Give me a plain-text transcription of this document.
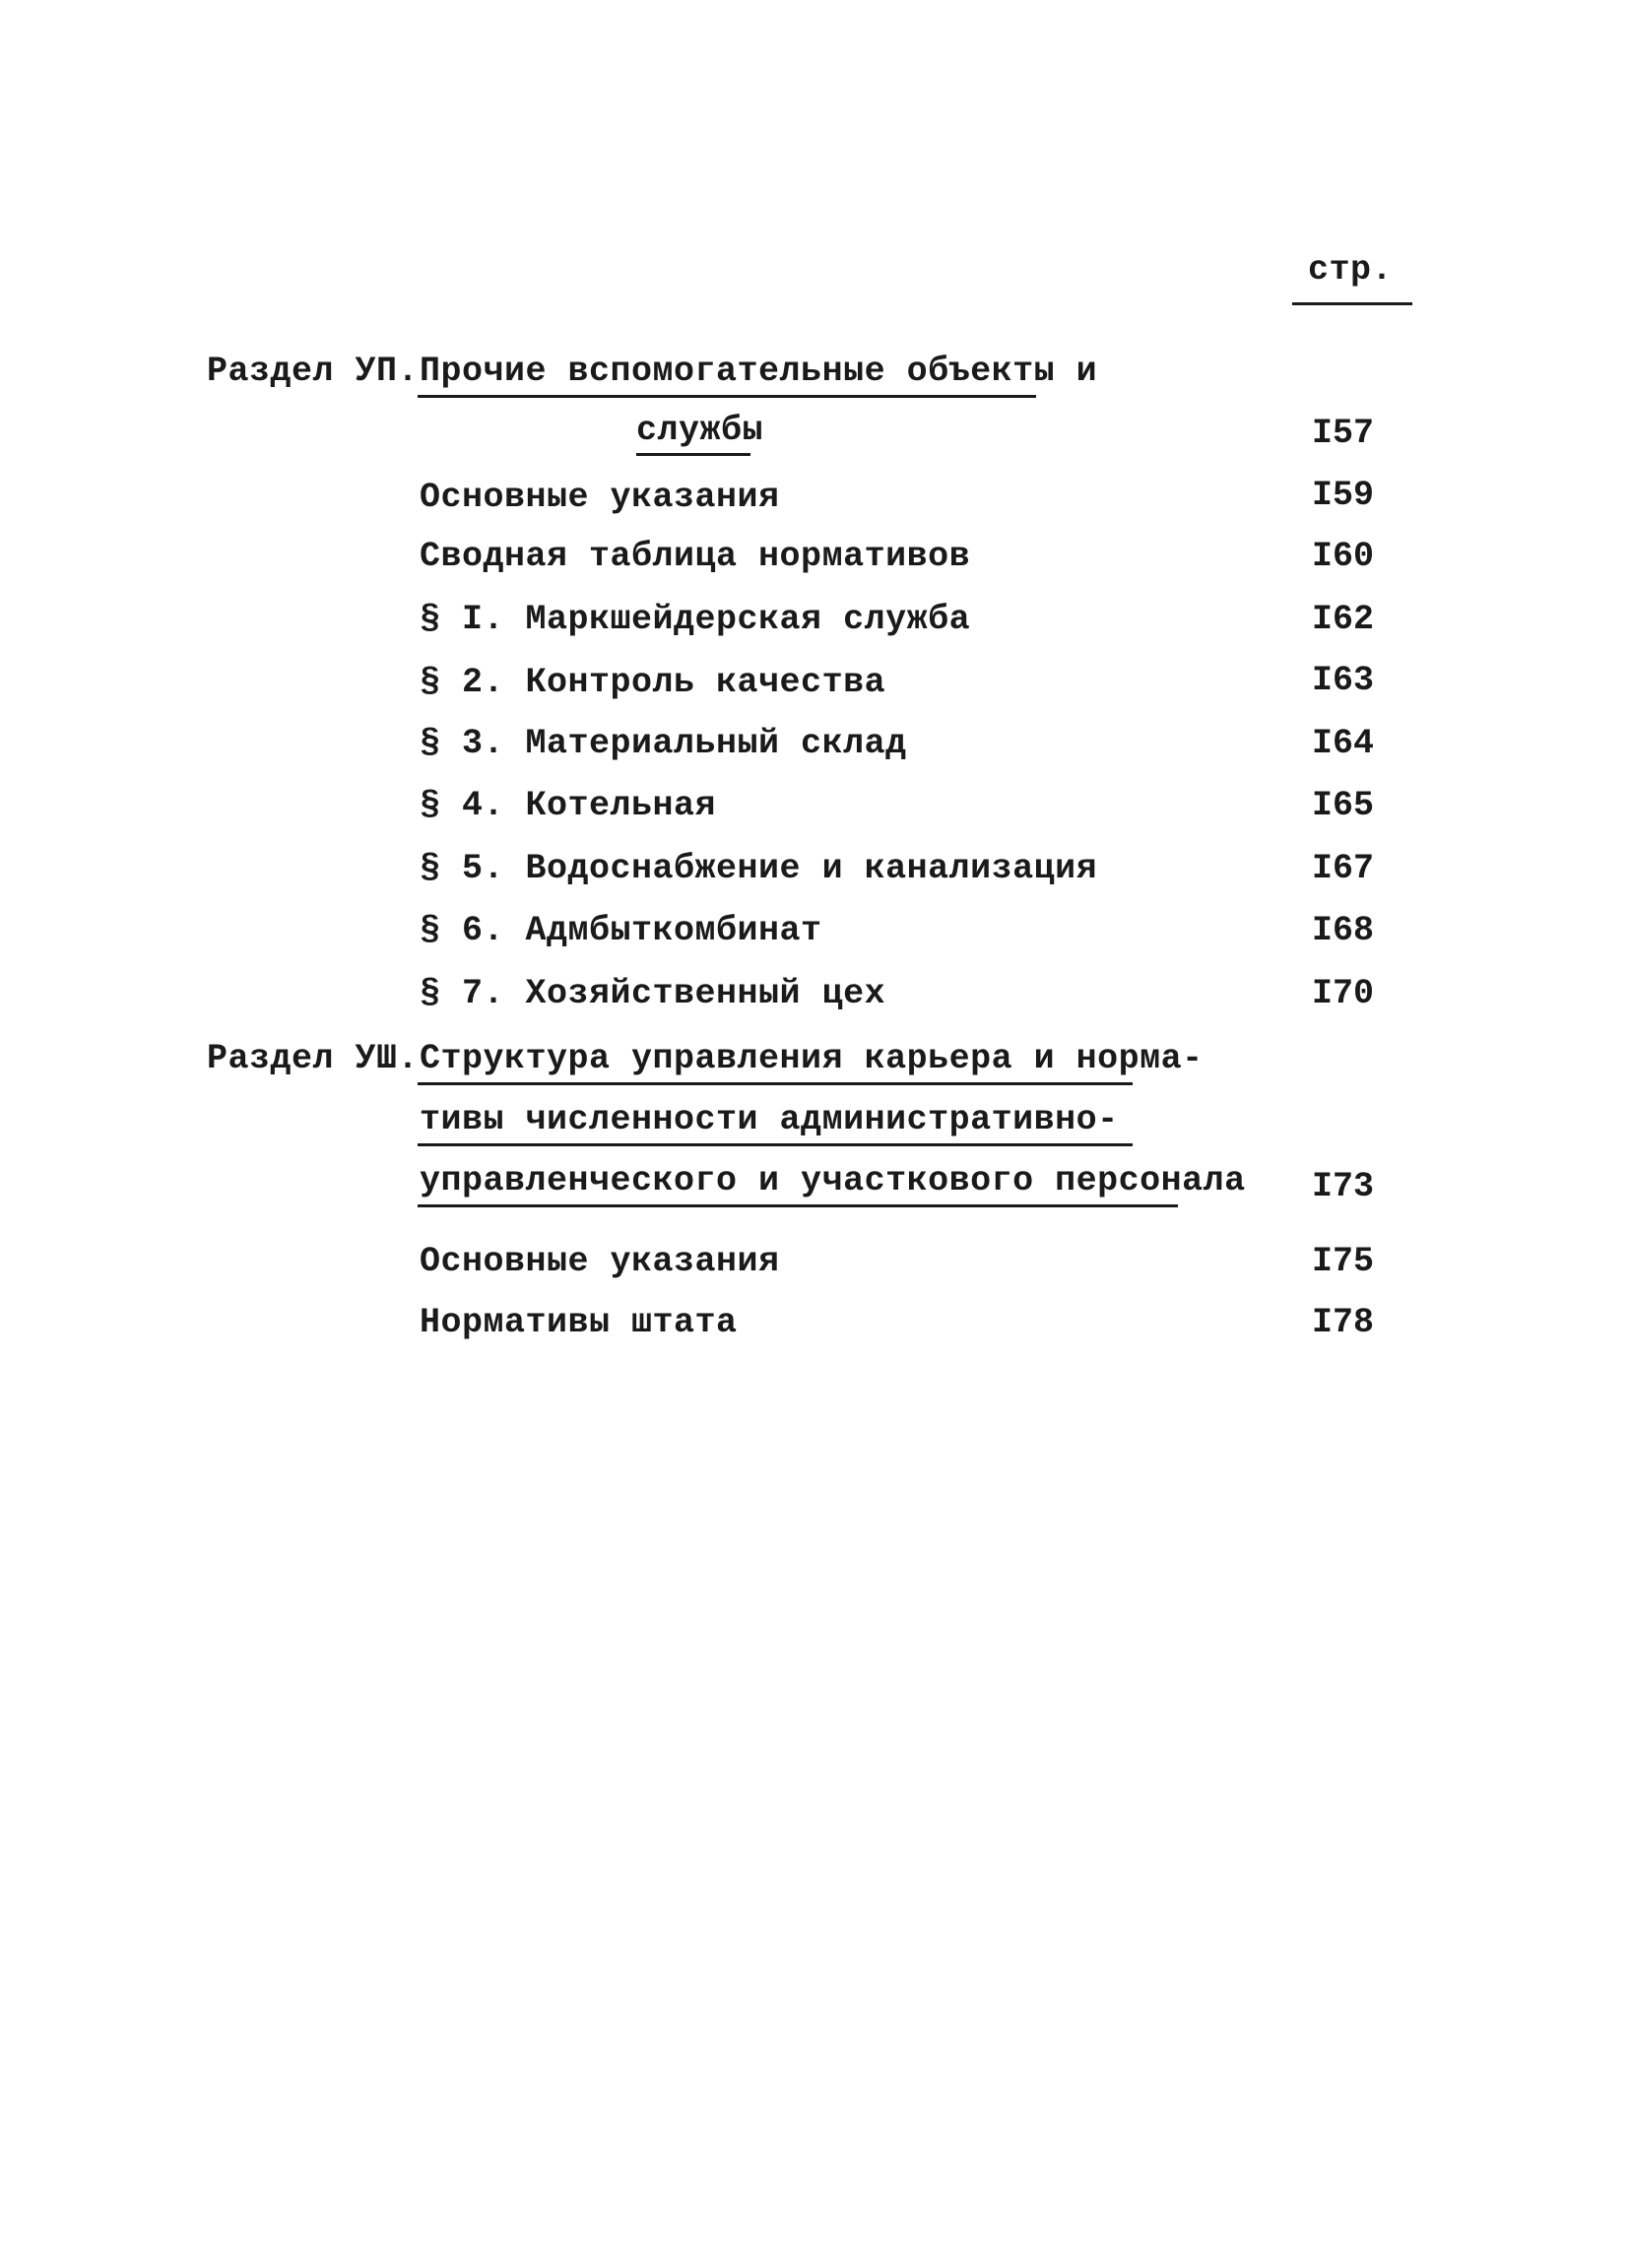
стр.
Раздел УП. Прочие вспомогательные объекты и
службы	I57
Основные указания	I59
Сводная таблица нормативов	I60
§ I. Маркшейдерская служба	I62
§ 2. Контроль качества	I63
§ 3. Материальный склад	I64
§ 4. Котельная	I65
§ 5. Водоснабжение и канализация	I67
§ 6. Адмбыткомбинат	I68
§ 7. Хозяйственный цех	I70
Раздел УШ. Структура управления карьера и норма-
тивы численности административно-
управленческого и участкового персонала I73
Основные указания	I75
Нормативы штата	I78
